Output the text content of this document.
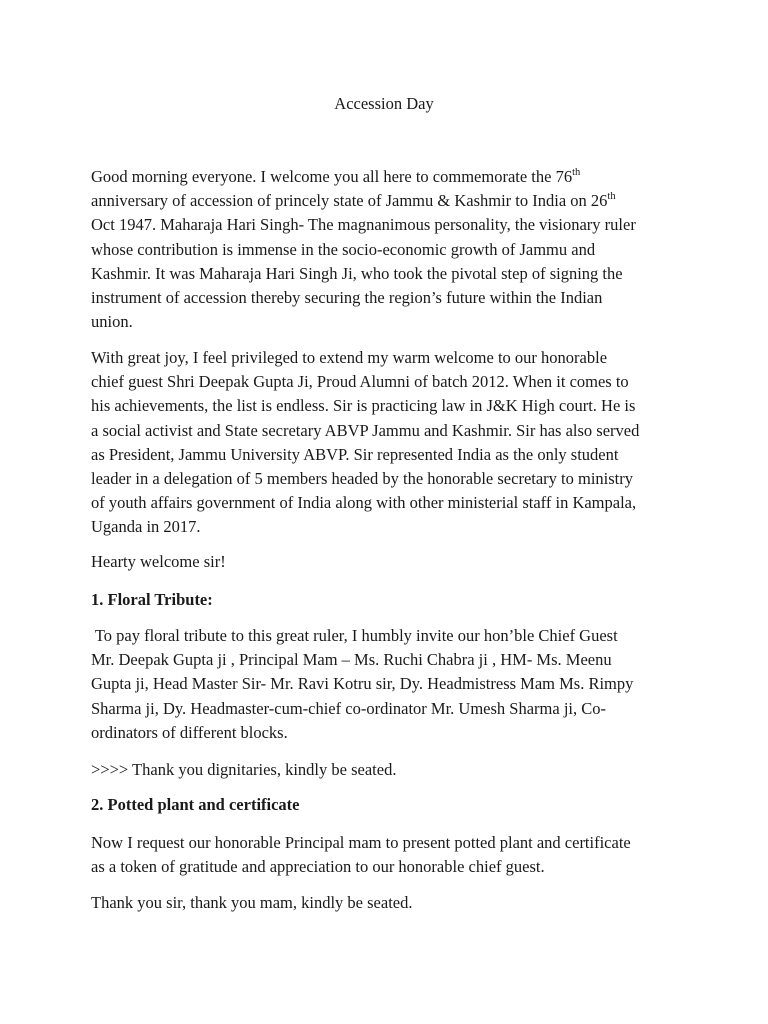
Accession Day

Good morning everyone. I welcome you all here to commemorate the 76th
anniversary of accession of princely state of Jammu & Kashmir to India on 26th
Oct 1947. Maharaja Hari Singh- The magnanimous personality, the visionary ruler
whose contribution is immense in the socio-economic growth of Jammu and
Kashmir. It was Maharaja Hari Singh Ji, who took the pivotal step of signing the
instrument of accession thereby securing the region’s future within the Indian
union.

With great joy, I feel privileged to extend my warm welcome to our honorable
chief guest Shri Deepak Gupta Ji, Proud Alumni of batch 2012. When it comes to
his achievements, the list is endless. Sir is practicing law in J&K High court. He is
a social activist and State secretary ABVP Jammu and Kashmir. Sir has also served
as President, Jammu University ABVP. Sir represented India as the only student
leader in a delegation of 5 members headed by the honorable secretary to ministry
of youth affairs government of India along with other ministerial staff in Kampala,
Uganda in 2017.

Hearty welcome sir!

1. Floral Tribute:

To pay floral tribute to this great ruler, I humbly invite our hon’ble Chief Guest
Mr. Deepak Gupta ji , Principal Mam – Ms. Ruchi Chabra ji , HM- Ms. Meenu
Gupta ji, Head Master Sir- Mr. Ravi Kotru sir, Dy. Headmistress Mam Ms. Rimpy
Sharma ji, Dy. Headmaster-cum-chief co-ordinator Mr. Umesh Sharma ji, Co-
ordinators of different blocks.

>>>> Thank you dignitaries, kindly be seated.

2. Potted plant and certificate

Now I request our honorable Principal mam to present potted plant and certificate
as a token of gratitude and appreciation to our honorable chief guest.

Thank you sir, thank you mam, kindly be seated.
